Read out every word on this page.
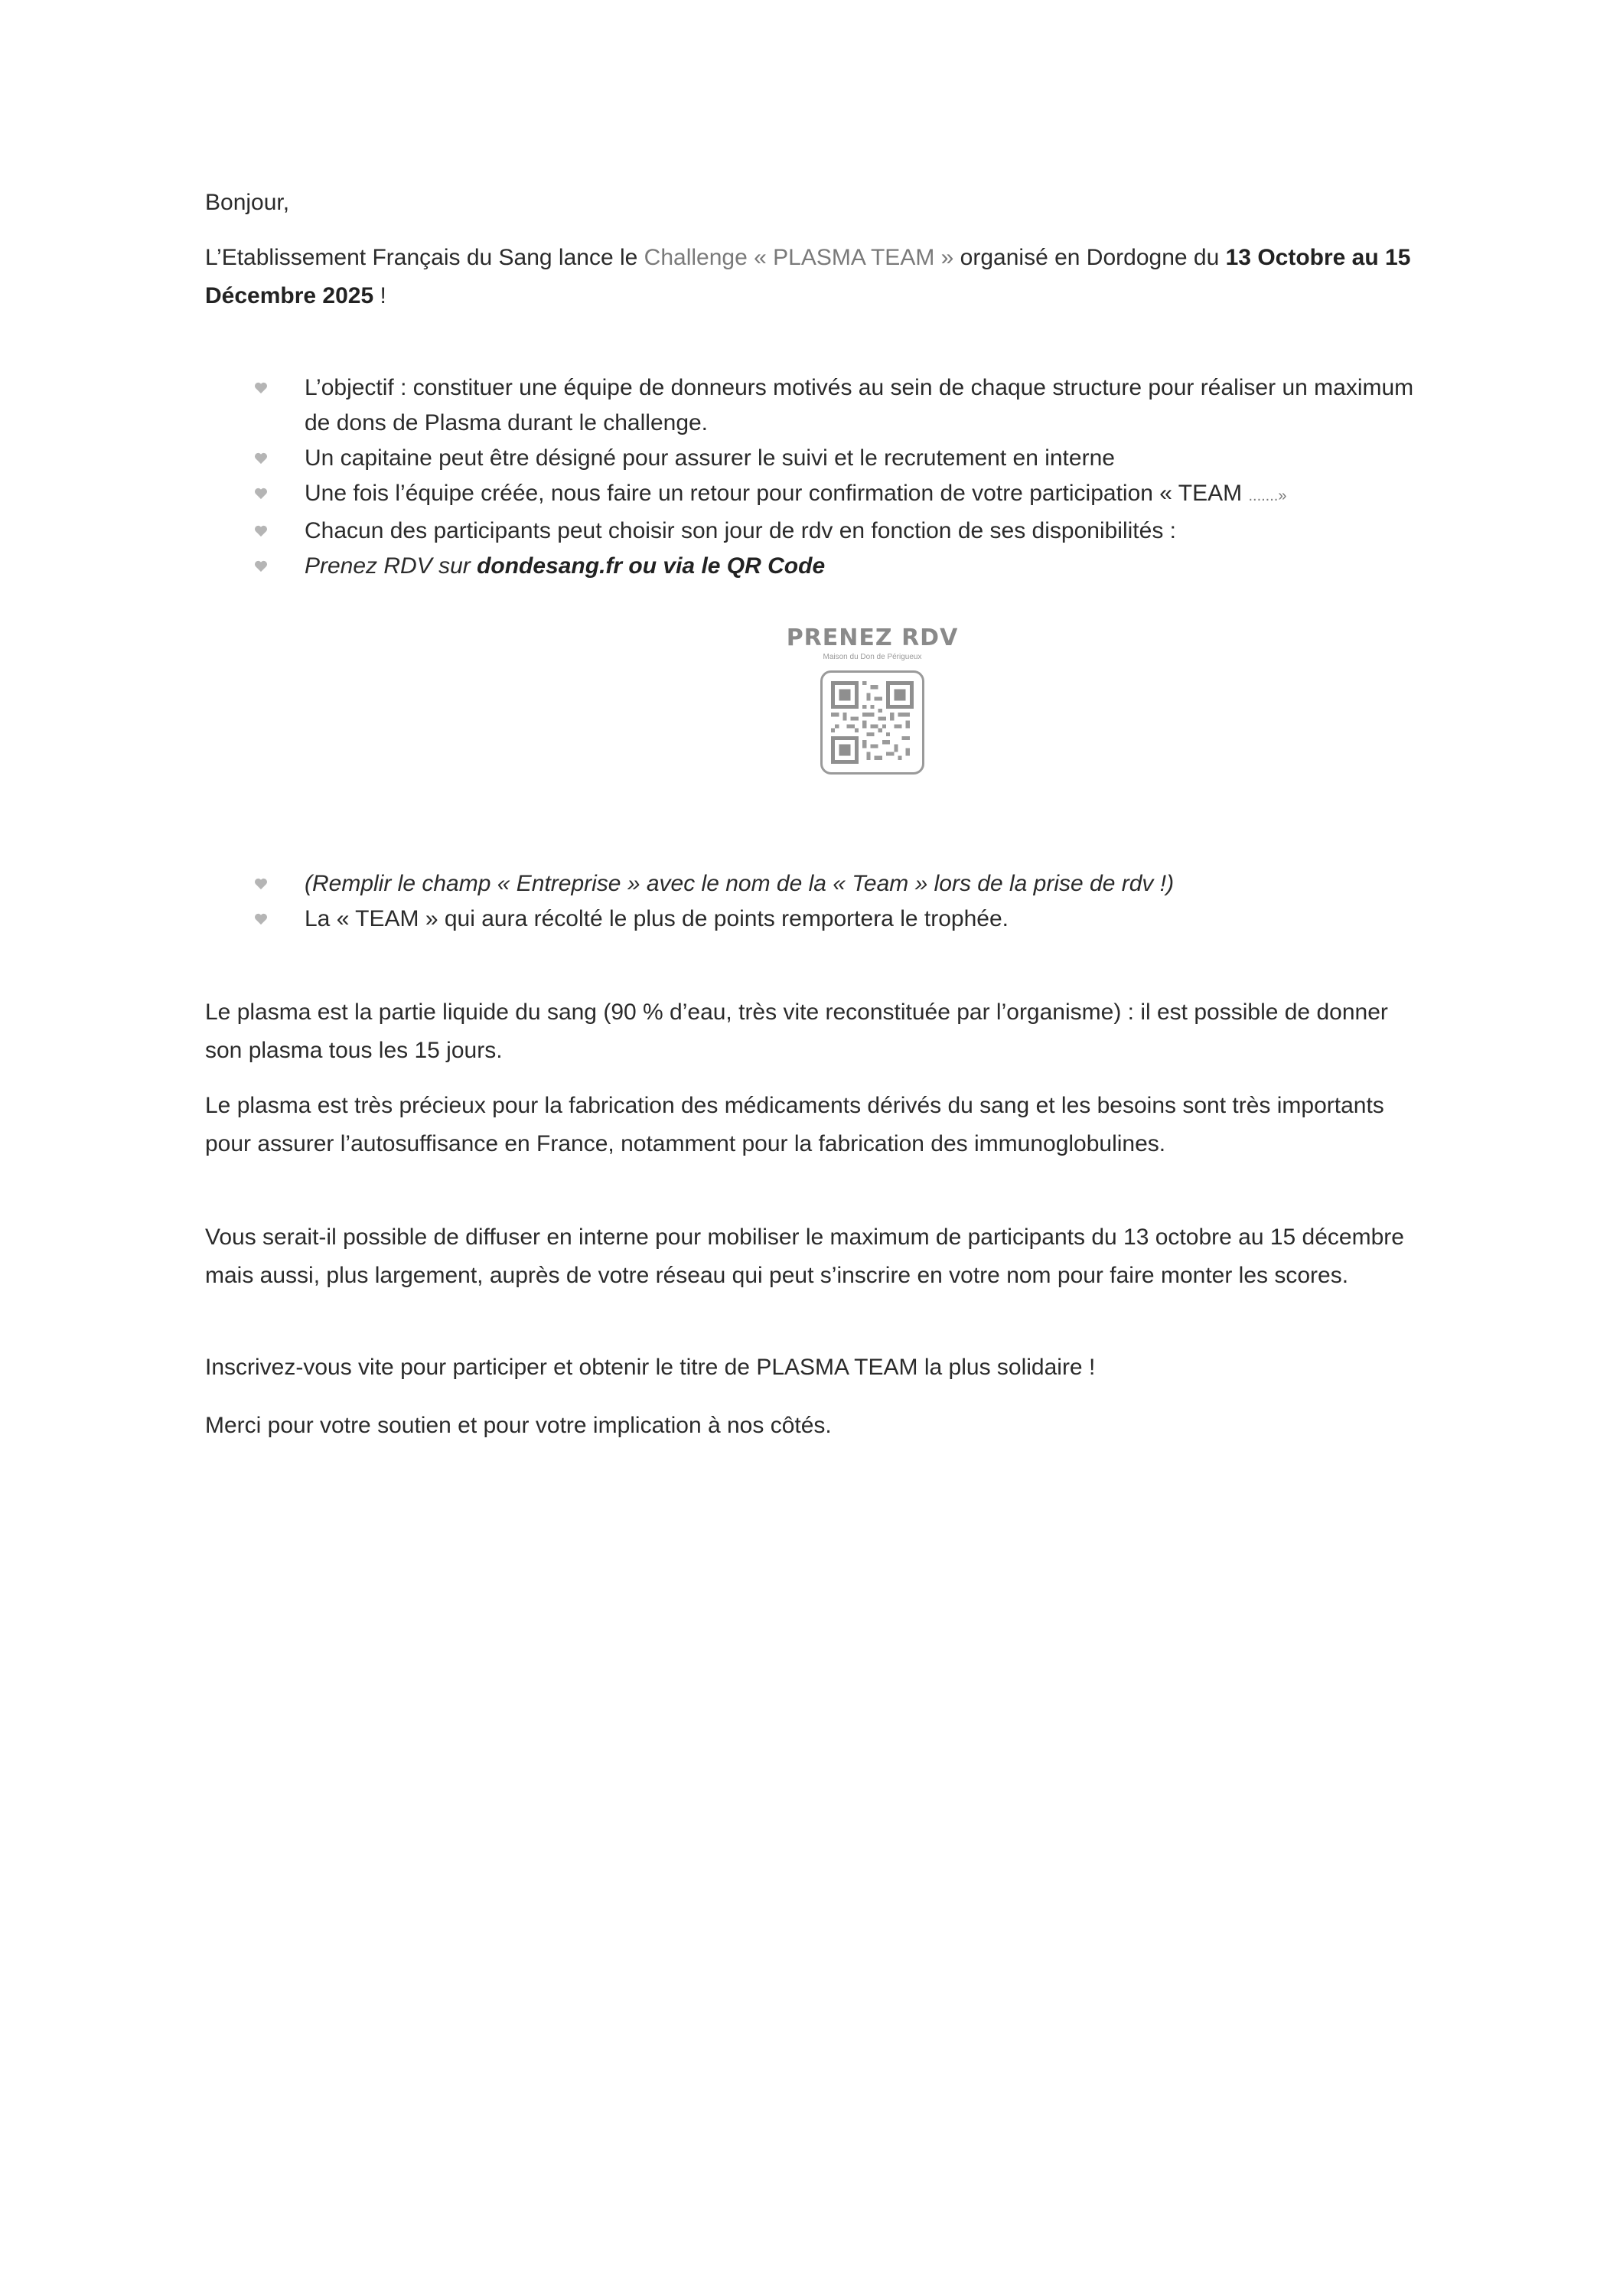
Bonjour,

L’Etablissement Français du Sang lance le Challenge « PLASMA TEAM » organisé en Dordogne du 13 Octobre au 15 Décembre 2025 !

L’objectif : constituer une équipe de donneurs motivés au sein de chaque structure pour réaliser un maximum de dons de Plasma durant le challenge.
Un capitaine peut être désigné pour assurer le suivi et le recrutement en interne
Une fois l’équipe créée, nous faire un retour pour confirmation de votre participation « TEAM .......»
Chacun des participants peut choisir son jour de rdv en fonction de ses disponibilités :
Prenez RDV sur dondesang.fr ou via le QR Code
PRENEZ RDV
Maison du Don de Périgueux
(Remplir le champ « Entreprise » avec le nom de la « Team » lors de la prise de rdv !)
La « TEAM » qui aura récolté le plus de points remportera le trophée.

Le plasma est la partie liquide du sang (90 % d’eau, très vite reconstituée par l’organisme) : il est possible de donner son plasma tous les 15 jours.

Le plasma est très précieux pour la fabrication des médicaments dérivés du sang et les besoins sont très importants pour assurer l’autosuffisance en France, notamment pour la fabrication des immunoglobulines.

Vous serait-il possible de diffuser en interne pour mobiliser le maximum de participants du 13 octobre au 15 décembre mais aussi, plus largement, auprès de votre réseau qui peut s’inscrire en votre nom pour faire monter les scores.

Inscrivez-vous vite pour participer et obtenir le titre de PLASMA TEAM la plus solidaire !

Merci pour votre soutien et pour votre implication à nos côtés.
